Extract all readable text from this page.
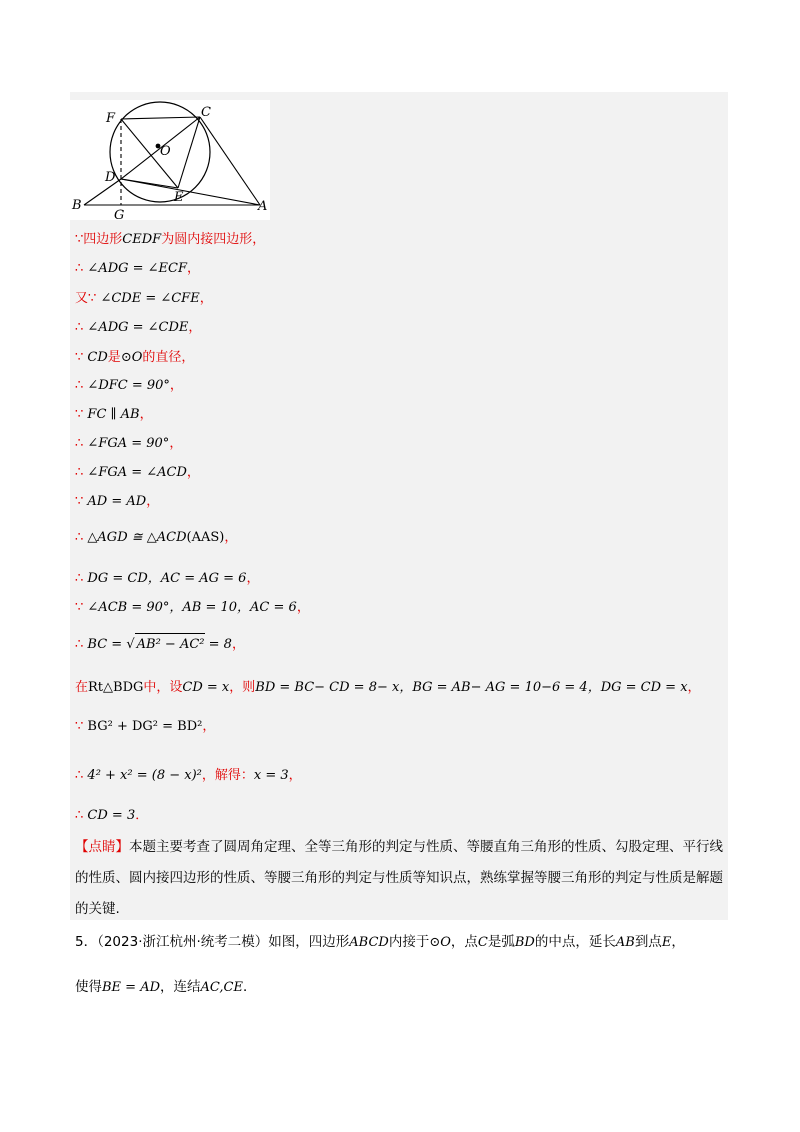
F	C
O
D
E
B
G
A
∵四边形CEDF为圆内接四边形，
∴ ∠ADG = ∠ECF，
又∵ ∠CDE = ∠CFE，
∴ ∠ADG = ∠CDE，
∵ CD是⊙O的直径，
∴ ∠DFC = 90°，
∵ FC ∥ AB，
∴ ∠FGA = 90°，
∴ ∠FGA = ∠ACD，
∵ AD = AD，
∴ △AGD ≅ △ACD(AAS)，
∴ DG = CD，AC = AG = 6，
∵ ∠ACB = 90°，AB = 10，AC = 6，
∴ BC = √ AB² − AC² = 8，
在Rt△BDG中，设CD = x，则BD = BC− CD = 8− x，BG = AB− AG = 10−6 = 4，DG = CD = x，
∵ BG² + DG² = BD²，
∴ 4² + x² = (8 − x)²，解得：x = 3，
∴ CD = 3．
【点睛】本题主要考查了圆周角定理、全等三角形的判定与性质、等腰直角三角形的性质、勾股定理、平行线的性质、圆内接四边形的性质、等腰三角形的判定与性质等知识点，熟练掌握等腰三角形的判定与性质是解题的关键.
5．（2023·浙江杭州·统考二模）如图，四边形ABCD内接于⊙O，点C是弧BD的中点，延长AB到点E，
使得BE = AD，连结AC,CE．
